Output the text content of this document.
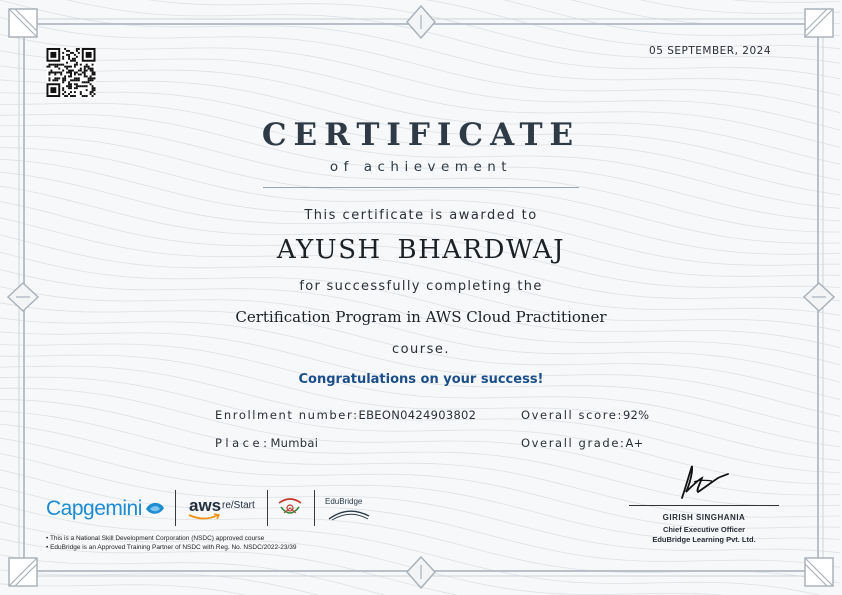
05 SEPTEMBER, 2024
CERTIFICATE
of achievement
This certificate is awarded to
AYUSH BHARDWAJ
for successfully completing the
Certification Program in AWS Cloud Practitioner
course.
Congratulations on your success!
Enrollment number:EBEON0424903802	Overall score:92%
Place:Mumbai	Overall grade:A+
Capgemini	aws re/Start	EduBridge
• This is a National Skill Development Corporation (NSDC) approved course
• EduBridge is an Approved Training Partner of NSDC with Reg. No. NSDC/2022-23/39
GIRISH SINGHANIA
Chief Executive Officer
EduBridge Learning Pvt. Ltd.
